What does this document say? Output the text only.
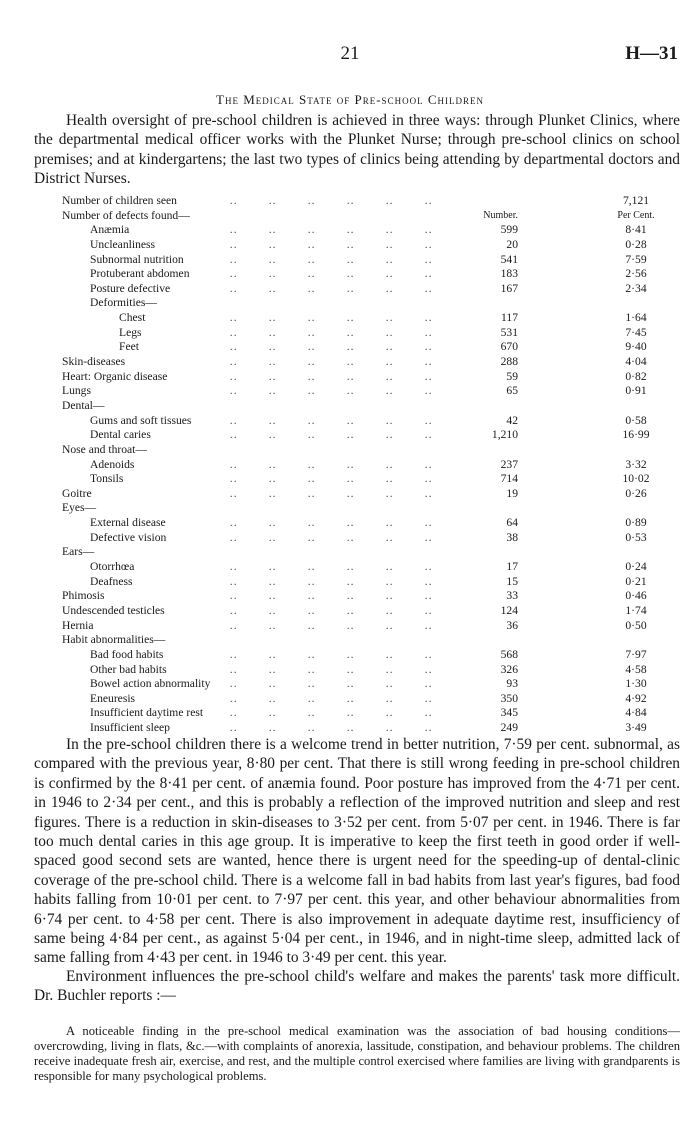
21	H—31
The Medical State of Pre-school Children

Health oversight of pre-school children is achieved in three ways: through Plunket Clinics, where the departmental medical officer works with the Plunket Nurse; through pre-school clinics on school premises; and at kindergartens; the last two types of clinics being attending by departmental doctors and District Nurses.

Number of children seen	..        ..        ..        ..        ..        ..	7,121
Number of defects found—	Number.	Per Cent.
Anæmia	..        ..        ..        ..        ..        ..	599	8·41
Uncleanliness	..        ..        ..        ..        ..        ..	20	0·28
Subnormal nutrition	..        ..        ..        ..        ..        ..	541	7·59
Protuberant abdomen	..        ..        ..        ..        ..        ..	183	2·56
Posture defective	..        ..        ..        ..        ..        ..	167	2·34
Deformities—
Chest	..        ..        ..        ..        ..        ..	117	1·64
Legs	..        ..        ..        ..        ..        ..	531	7·45
Feet	..        ..        ..        ..        ..        ..	670	9·40
Skin-diseases	..        ..        ..        ..        ..        ..	288	4·04
Heart: Organic disease	..        ..        ..        ..        ..        ..	59	0·82
Lungs	..        ..        ..        ..        ..        ..	65	0·91
Dental—
Gums and soft tissues	..        ..        ..        ..        ..        ..	42	0·58
Dental caries	..        ..        ..        ..        ..        ..	1,210	16·99
Nose and throat—
Adenoids	..        ..        ..        ..        ..        ..	237	3·32
Tonsils	..        ..        ..        ..        ..        ..	714	10·02
Goitre	..        ..        ..        ..        ..        ..	19	0·26
Eyes—
External disease	..        ..        ..        ..        ..        ..	64	0·89
Defective vision	..        ..        ..        ..        ..        ..	38	0·53
Ears—
Otorrhœa	..        ..        ..        ..        ..        ..	17	0·24
Deafness	..        ..        ..        ..        ..        ..	15	0·21
Phimosis	..        ..        ..        ..        ..        ..	33	0·46
Undescended testicles	..        ..        ..        ..        ..        ..	124	1·74
Hernia	..        ..        ..        ..        ..        ..	36	0·50
Habit abnormalities—
Bad food habits	..        ..        ..        ..        ..        ..	568	7·97
Other bad habits	..        ..        ..        ..        ..        ..	326	4·58
Bowel action abnormality ..        ..        ..        ..        ..        ..	93	1·30
Eneuresis	..        ..        ..        ..        ..        ..	350	4·92
Insufficient daytime rest ..        ..        ..        ..        ..        ..	345	4·84
Insufficient sleep	..        ..        ..        ..        ..        ..	249	3·49

In the pre-school children there is a welcome trend in better nutrition, 7·59 per cent. subnormal, as compared with the previous year, 8·80 per cent. That there is still wrong feeding in pre-school children is confirmed by the 8·41 per cent. of anæmia found. Poor posture has improved from the 4·71 per cent. in 1946 to 2·34 per cent., and this is probably a reflection of the improved nutrition and sleep and rest figures. There is a reduction in skin-diseases to 3·52 per cent. from 5·07 per cent. in 1946. There is far too much dental caries in this age group. It is imperative to keep the first teeth in good order if well-spaced good second sets are wanted, hence there is urgent need for the speeding-up of dental-clinic coverage of the pre-school child. There is a welcome fall in bad habits from last year's figures, bad food habits falling from 10·01 per cent. to 7·97 per cent. this year, and other behaviour abnormalities from 6·74 per cent. to 4·58 per cent. There is also improvement in adequate daytime rest, insufficiency of same being 4·84 per cent., as against 5·04 per cent., in 1946, and in night-time sleep, admitted lack of same falling from 4·43 per cent. in 1946 to 3·49 per cent. this year.

Environment influences the pre-school child's welfare and makes the parents' task more difficult. Dr. Buchler reports :—

A noticeable finding in the pre-school medical examination was the association of bad housing conditions—overcrowding, living in flats, &c.—with complaints of anorexia, lassitude, constipation, and behaviour problems. The children receive inadequate fresh air, exercise, and rest, and the multiple control exercised where families are living with grandparents is responsible for many psychological problems.
